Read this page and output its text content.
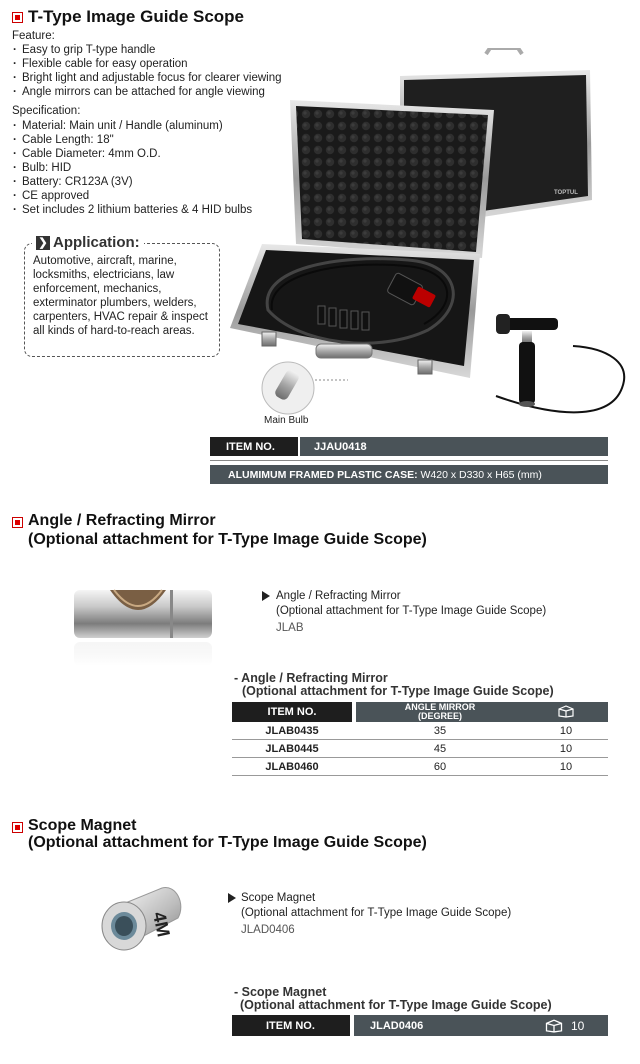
T-Type Image Guide Scope
Feature:
· Easy to grip T-type handle
· Flexible cable for easy operation
· Bright light and adjustable focus for clearer viewing
· Angle mirrors can be attached for angle viewing
Specification:
· Material: Main unit / Handle (aluminum)
· Cable Length: 18"
· Cable Diameter: 4mm O.D.
· Bulb: HID
· Battery: CR123A (3V)
· CE approved
· Set includes 2 lithium batteries & 4 HID bulbs
❯ Application:
Automotive, aircraft, marine, locksmiths, electricians, law enforcement, mechanics, exterminator plumbers, welders, carpenters, HVAC repair & inspect all kinds of hard-to-reach areas.
TOPTUL
Main Bulb
ITEM NO.	JJAU0418
ALUMIMUM FRAMED PLASTIC CASE: W420 x D330 x H65 (mm)
Angle / Refracting Mirror
(Optional attachment for T-Type Image Guide Scope)
Angle / Refracting Mirror
(Optional attachment for T-Type Image Guide Scope)
JLAB
- Angle / Refracting Mirror
(Optional attachment for T-Type Image Guide Scope)
ITEM NO.		ANGLE MIRROR
(DEGREE)

JLAB0435		35	10
JLAB0445		45	10
JLAB0460		60	10
Scope Magnet
(Optional attachment for T-Type Image Guide Scope)
4M
Scope Magnet
(Optional attachment for T-Type Image Guide Scope)
JLAD0406
- Scope Magnet
(Optional attachment for T-Type Image Guide Scope)
ITEM NO.	JLAD0406	10
